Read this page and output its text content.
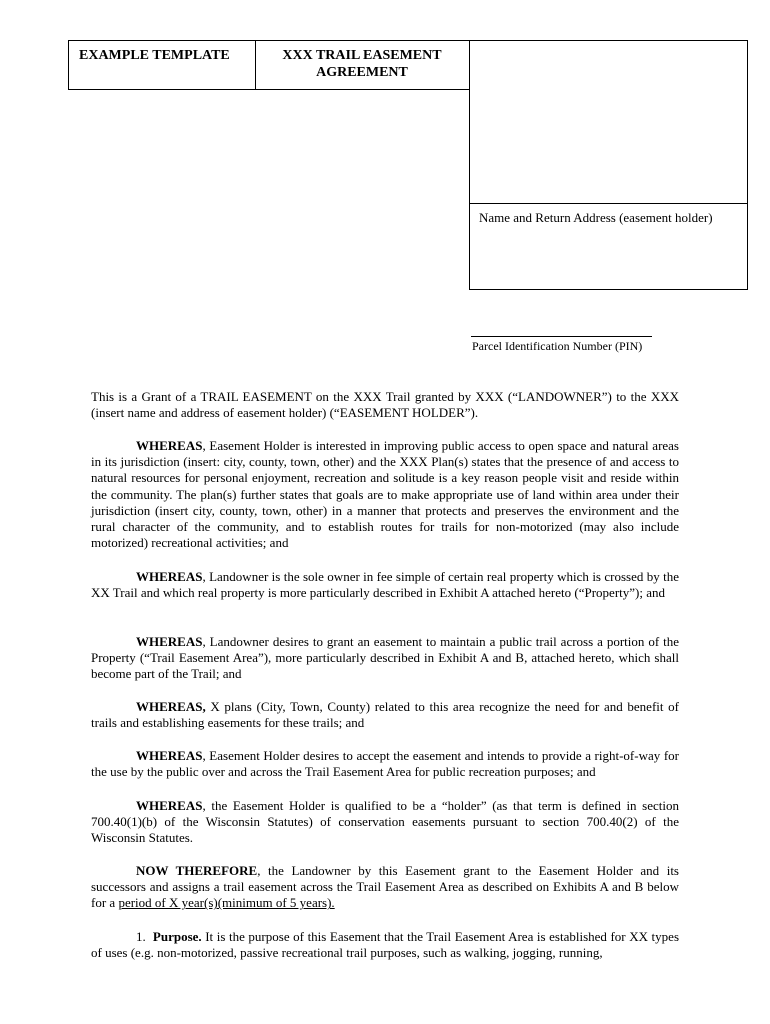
EXAMPLE TEMPLATE	XXX TRAIL EASEMENT AGREEMENT
Name and Return Address (easement holder)
Parcel Identification Number (PIN)

This is a Grant of a TRAIL EASEMENT on the XXX Trail granted by XXX (“LANDOWNER”) to the XXX (insert name and address of easement holder) (“EASEMENT HOLDER”).

WHEREAS, Easement Holder is interested in improving public access to open space and natural areas in its jurisdiction (insert: city, county, town, other) and the XXX Plan(s) states that the presence of and access to natural resources for personal enjoyment, recreation and solitude is a key reason people visit and reside within the community. The plan(s) further states that goals are to make appropriate use of land within area under their jurisdiction (insert city, county, town, other) in a manner that protects and preserves the environment and the rural character of the community, and to establish routes for trails for non-motorized (may also include motorized) recreational activities; and

WHEREAS, Landowner is the sole owner in fee simple of certain real property which is crossed by the XX Trail and which real property is more particularly described in Exhibit A attached hereto (“Property”); and

WHEREAS, Landowner desires to grant an easement to maintain a public trail across a portion of the Property (“Trail Easement Area”), more particularly described in Exhibit A and B, attached hereto, which shall become part of the Trail; and

WHEREAS, X plans (City, Town, County) related to this area recognize the need for and benefit of trails and establishing easements for these trails; and

WHEREAS, Easement Holder desires to accept the easement and intends to provide a right-of-way for the use by the public over and across the Trail Easement Area for public recreation purposes; and

WHEREAS, the Easement Holder is qualified to be a “holder” (as that term is defined in section 700.40(1)(b) of the Wisconsin Statutes) of conservation easements pursuant to section 700.40(2) of the Wisconsin Statutes.

NOW THEREFORE, the Landowner by this Easement grant to the Easement Holder and its successors and assigns a trail easement across the Trail Easement Area as described on Exhibits A and B below for a period of X year(s)(minimum of 5 years).

1. Purpose. It is the purpose of this Easement that the Trail Easement Area is established for XX types of uses (e.g. non-motorized, passive recreational trail purposes, such as walking, jogging, running,
